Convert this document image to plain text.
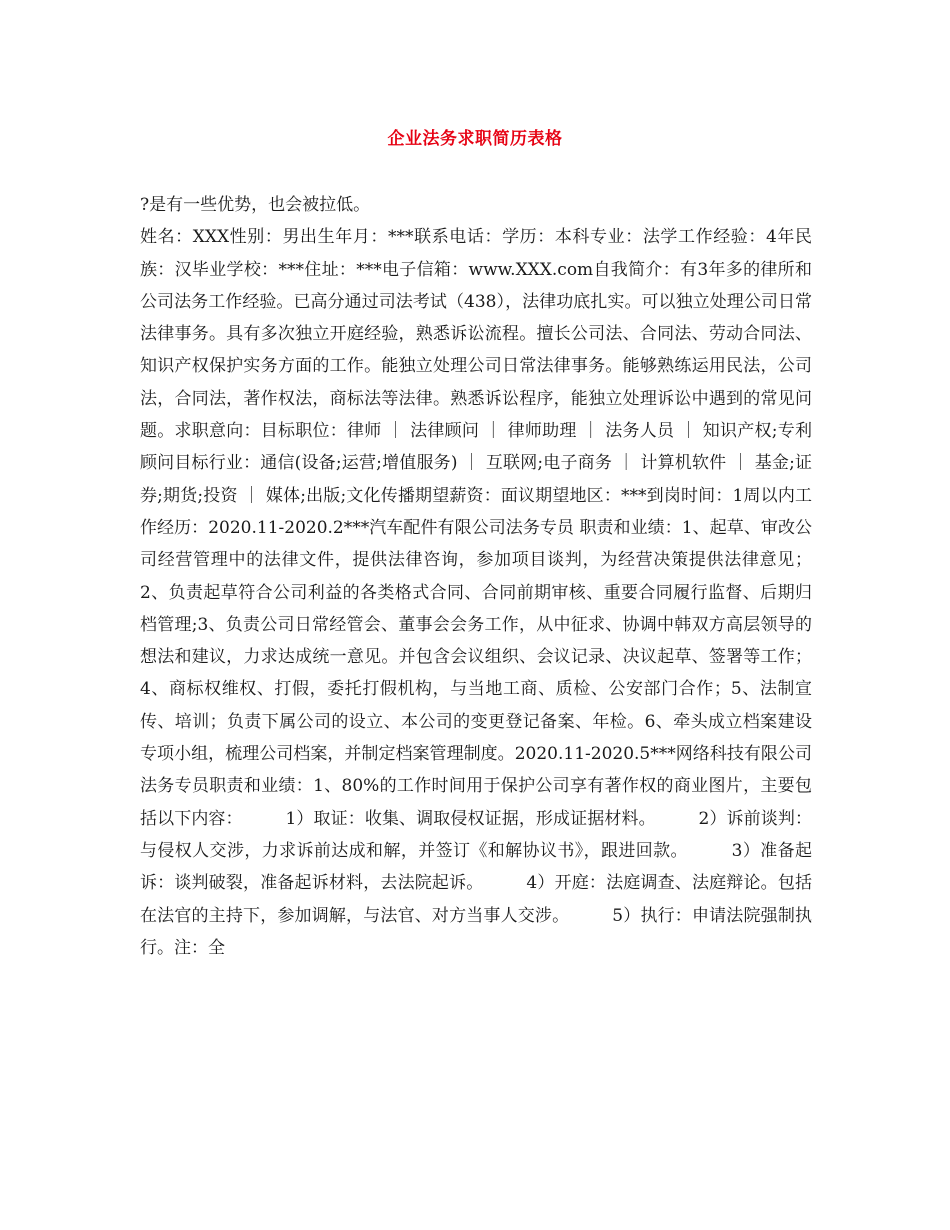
企业法务求职简历表格

?是有一些优势，也会被拉低。

姓名：XXX性别：男出生年月：***联系电话：学历：本科专业：法学工作经验：4年民族：汉毕业学校：***住址：***电子信箱：www.XXX.com自我简介：有3年多的律所和公司法务工作经验。已高分通过司法考试（438），法律功底扎实。可以独立处理公司日常法律事务。具有多次独立开庭经验，熟悉诉讼流程。擅长公司法、合同法、劳动合同法、知识产权保护实务方面的工作。能独立处理公司日常法律事务。能够熟练运用民法，公司法，合同法，著作权法，商标法等法律。熟悉诉讼程序，能独立处理诉讼中遇到的常见问题。求职意向：目标职位：律师 ｜ 法律顾问 ｜ 律师助理 ｜ 法务人员 ｜ 知识产权;专利顾问目标行业：通信(设备;运营;增值服务) ｜ 互联网;电子商务 ｜ 计算机软件 ｜ 基金;证券;期货;投资 ｜ 媒体;出版;文化传播期望薪资：面议期望地区：***到岗时间：1周以内工作经历：2020.11-2020.2***汽车配件有限公司法务专员 职责和业绩：1、起草、审改公司经营管理中的法律文件，提供法律咨询，参加项目谈判，为经营决策提供法律意见；2、负责起草符合公司利益的各类格式合同、合同前期审核、重要合同履行监督、后期归档管理;3、负责公司日常经管会、董事会会务工作，从中征求、协调中韩双方高层领导的想法和建议，力求达成统一意见。并包含会议组织、会议记录、决议起草、签署等工作；4、商标权维权、打假，委托打假机构，与当地工商、质检、公安部门合作；5、法制宣传、培训；负责下属公司的设立、本公司的变更登记备案、年检。6、牵头成立档案建设专项小组，梳理公司档案，并制定档案管理制度。2020.11-2020.5***网络科技有限公司法务专员职责和业绩：1、80%的工作时间用于保护公司享有著作权的商业图片，主要包括以下内容：　　　1）取证：收集、调取侵权证据，形成证据材料。　　　2）诉前谈判：与侵权人交涉，力求诉前达成和解，并签订《和解协议书》，跟进回款。　　　3）准备起诉：谈判破裂，准备起诉材料，去法院起诉。　　　4）开庭：法庭调查、法庭辩论。包括在法官的主持下，参加调解，与法官、对方当事人交涉。　　　5）执行：申请法院强制执行。注：全
